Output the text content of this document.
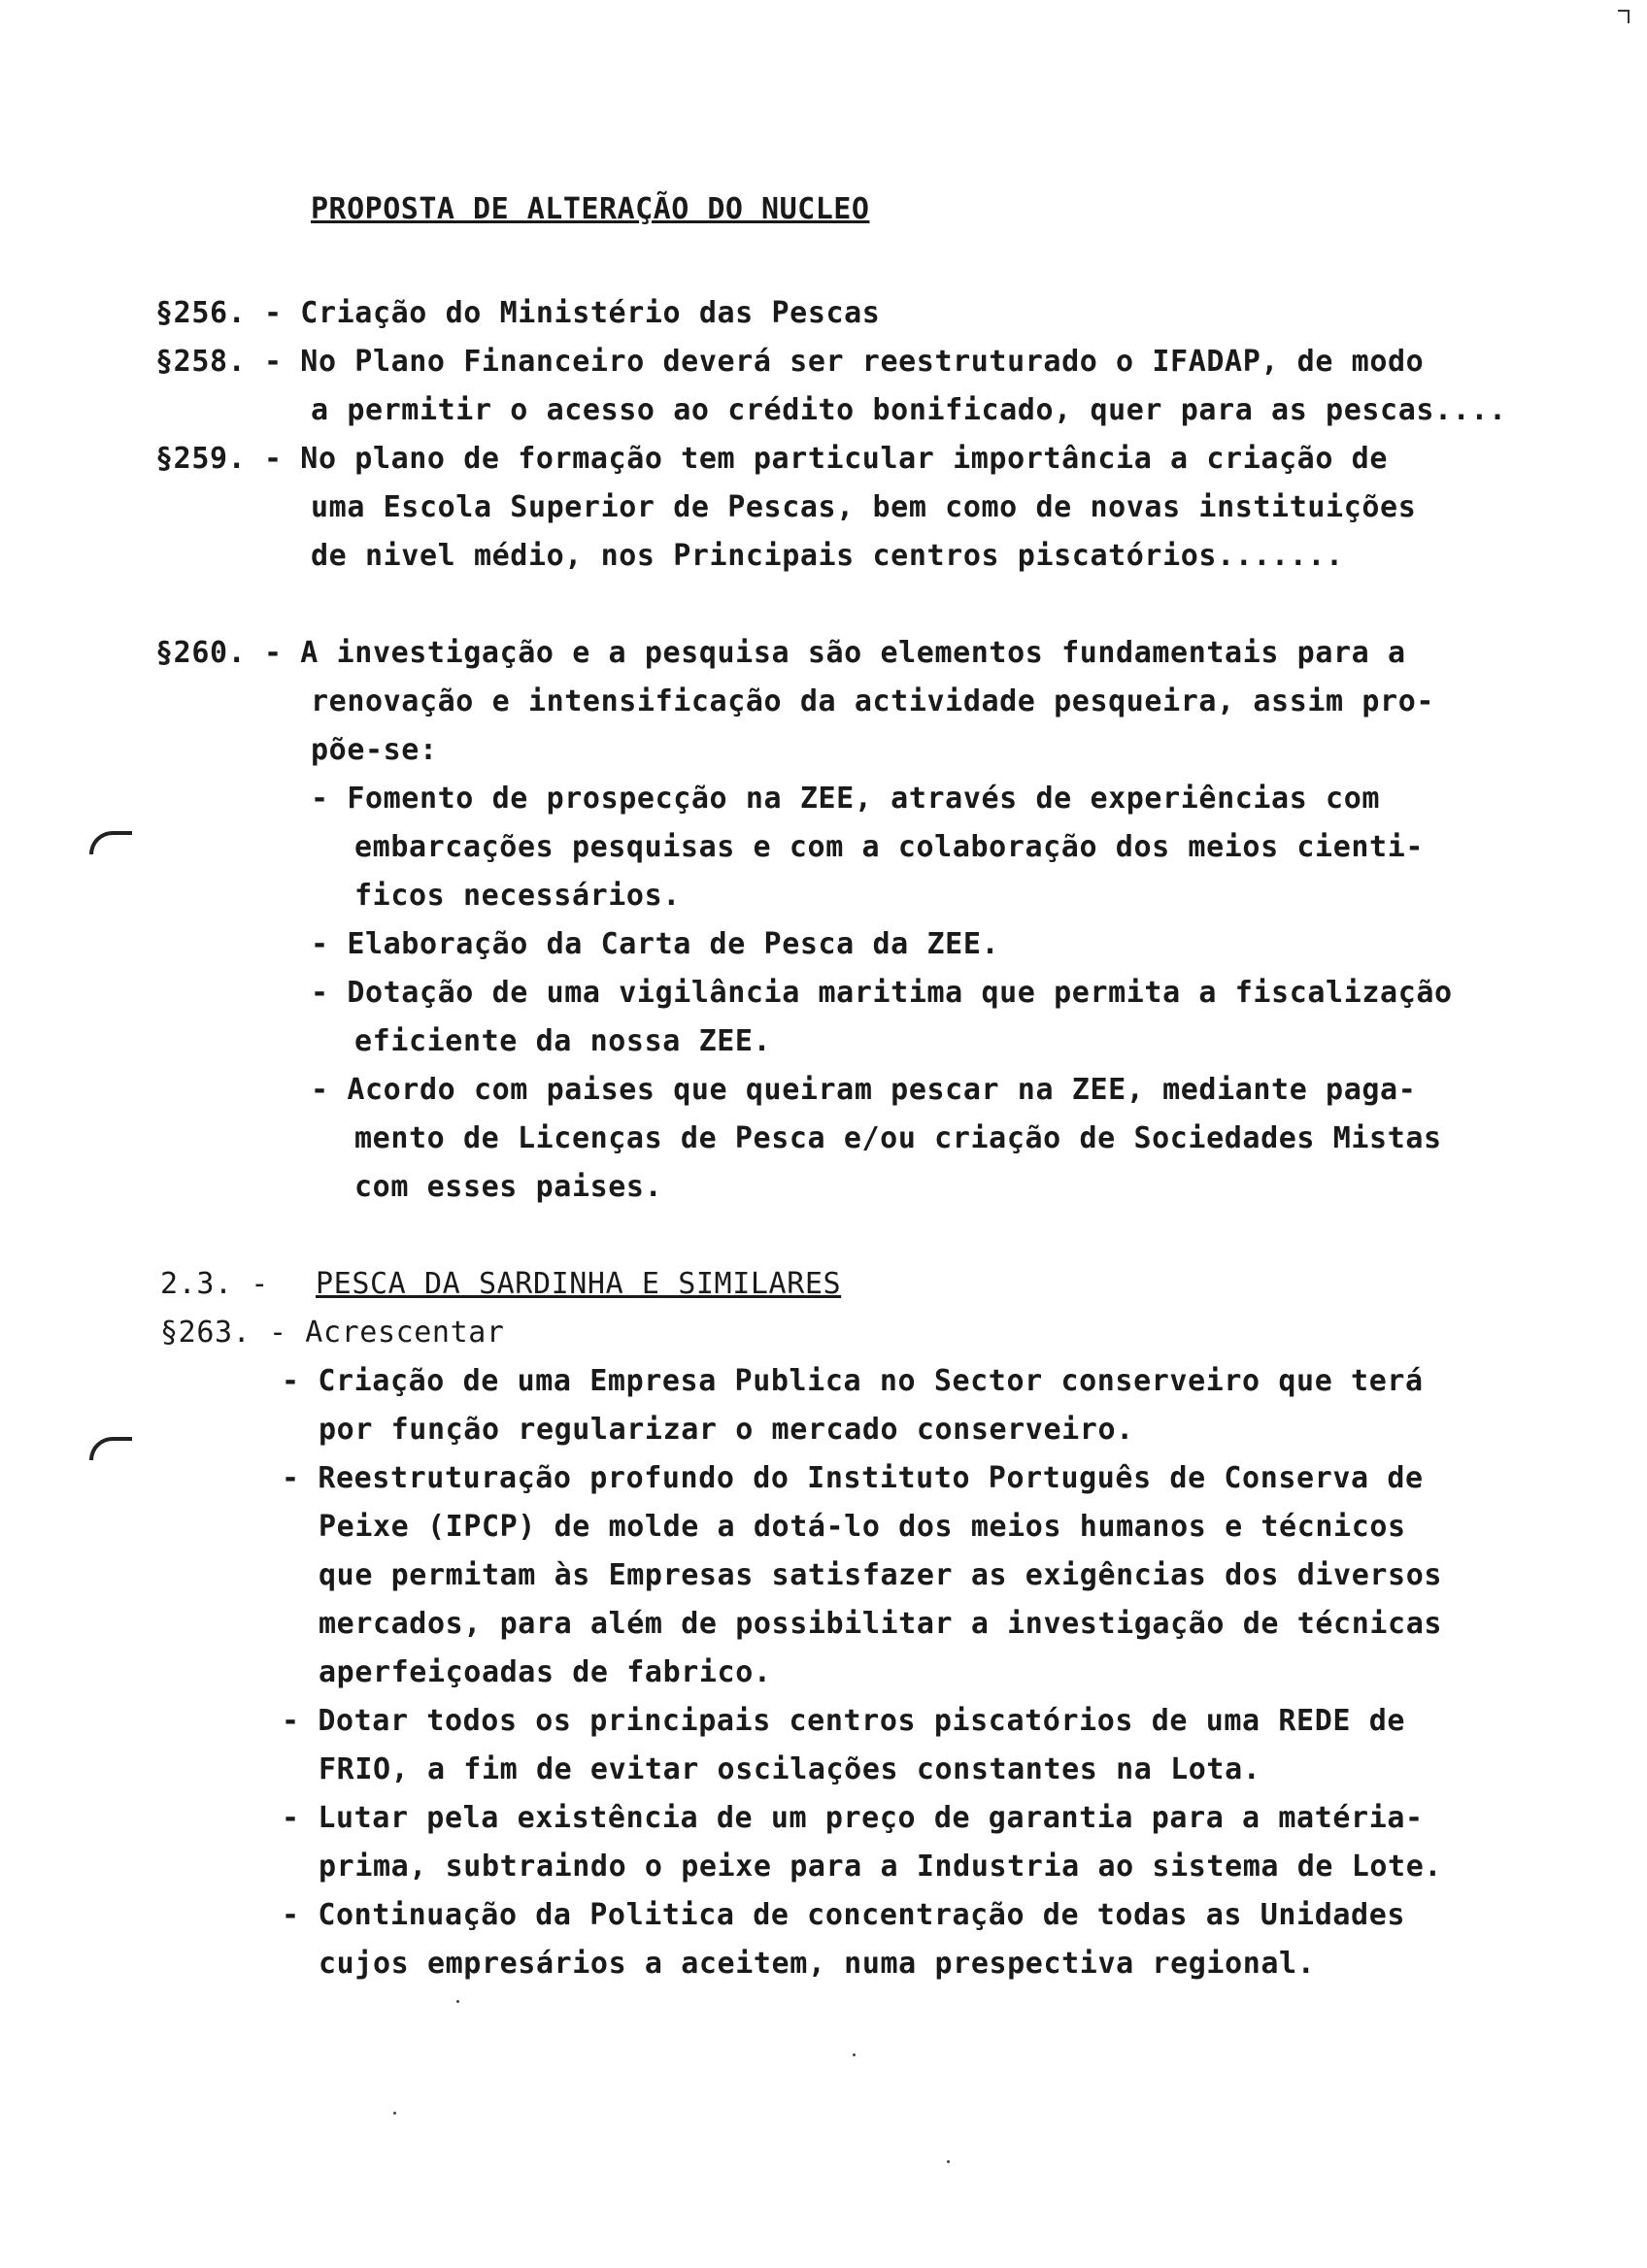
PROPOSTA DE ALTERAÇÃO DO NUCLEO
§256. - Criação do Ministério das Pescas
§258. - No Plano Financeiro deverá ser reestruturado o IFADAP, de modo
a permitir o acesso ao crédito bonificado, quer para as pescas....
§259. - No plano de formação tem particular importância a criação de
uma Escola Superior de Pescas, bem como de novas instituições
de nivel médio, nos Principais centros piscatórios.......
§260. - A investigação e a pesquisa são elementos fundamentais para a
renovação e intensificação da actividade pesqueira, assim pro-
põe-se:
- Fomento de prospecção na ZEE, através de experiências com
embarcações pesquisas e com a colaboração dos meios cienti-
ficos necessários.
- Elaboração da Carta de Pesca da ZEE.
- Dotação de uma vigilância maritima que permita a fiscalização
eficiente da nossa ZEE.
- Acordo com paises que queiram pescar na ZEE, mediante paga-
mento de Licenças de Pesca e/ou criação de Sociedades Mistas
com esses paises.
2.3. - PESCA DA SARDINHA E SIMILARES
§263. - Acrescentar
- Criação de uma Empresa Publica no Sector conserveiro que terá
por função regularizar o mercado conserveiro.
- Reestruturação profundo do Instituto Português de Conserva de
Peixe (IPCP) de molde a dotá-lo dos meios humanos e técnicos
que permitam às Empresas satisfazer as exigências dos diversos
mercados, para além de possibilitar a investigação de técnicas
aperfeiçoadas de fabrico.
- Dotar todos os principais centros piscatórios de uma REDE de
FRIO, a fim de evitar oscilações constantes na Lota.
- Lutar pela existência de um preço de garantia para a matéria-
prima, subtraindo o peixe para a Industria ao sistema de Lote.
- Continuação da Politica de concentração de todas as Unidades
cujos empresários a aceitem, numa prespectiva regional.
